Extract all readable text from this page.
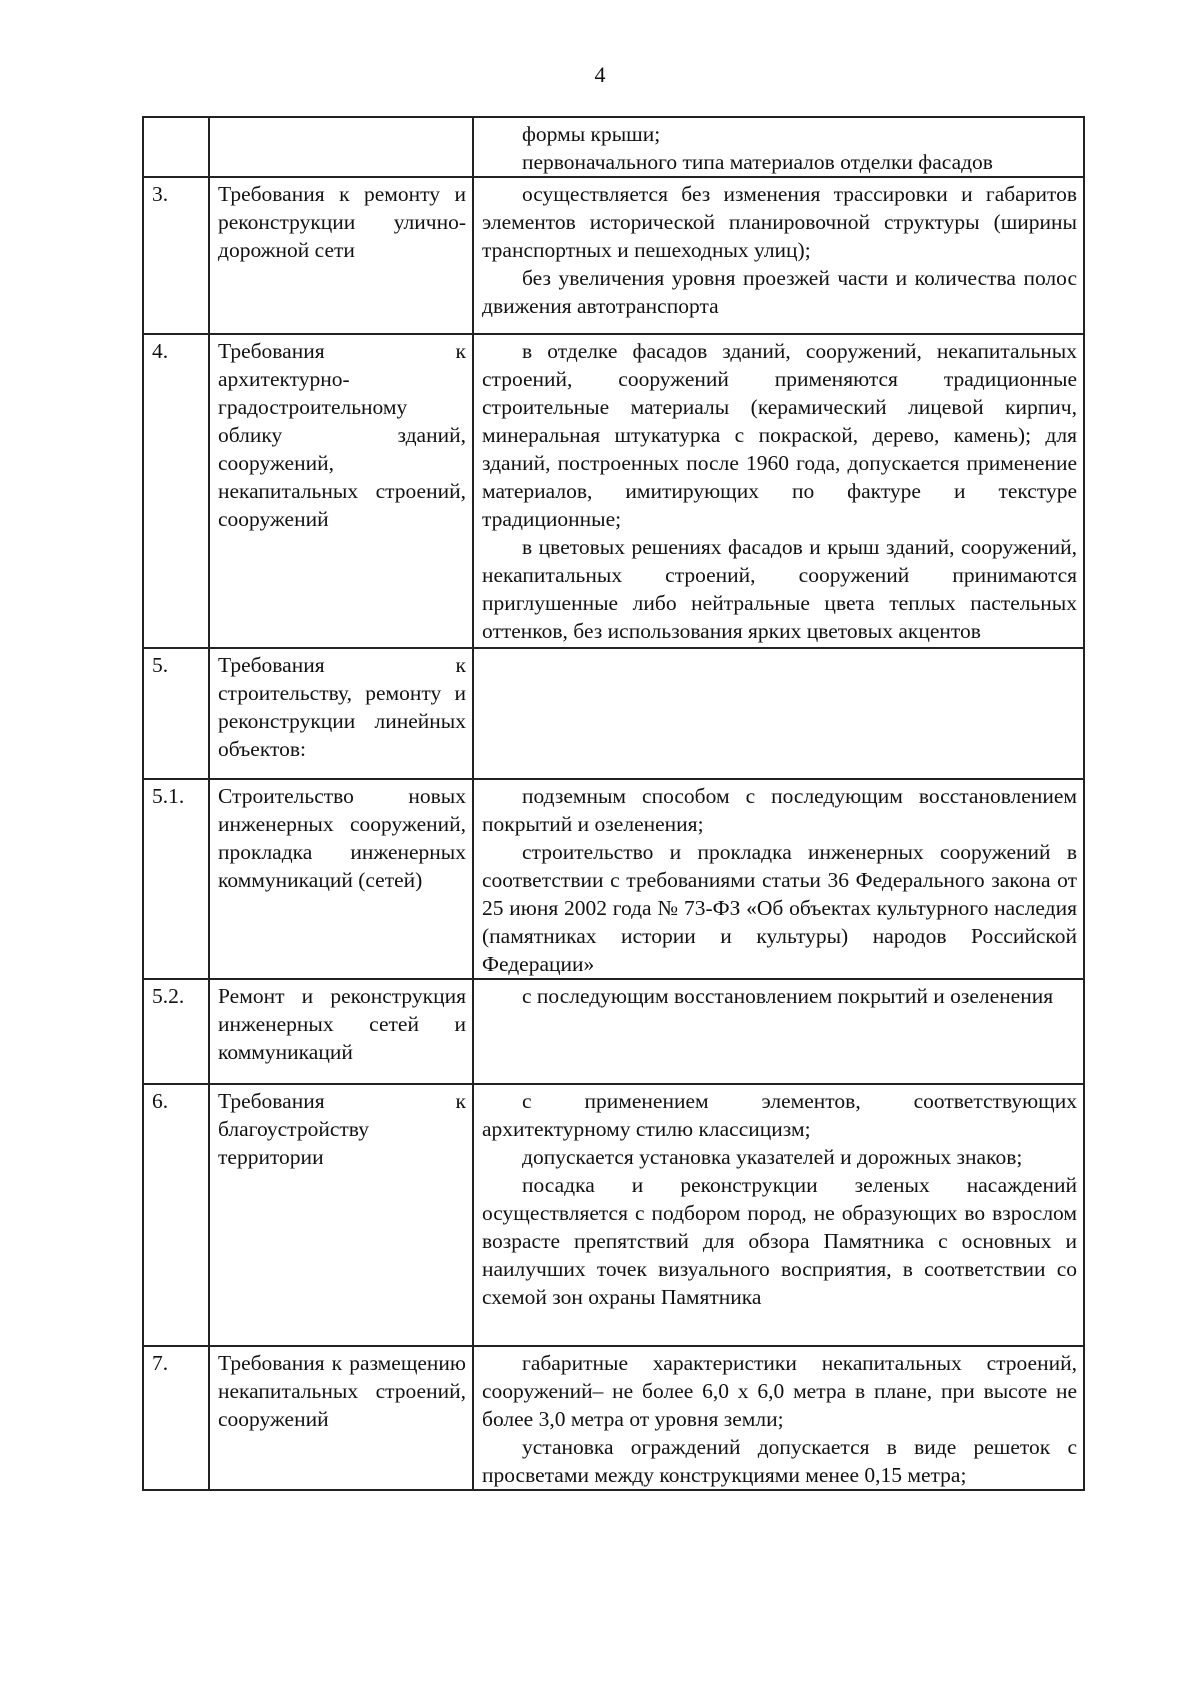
4

		формы крыши;

первоначального типа материалов отделки фасадов

3.	Требования к ремонту и реконструкции улично-дорожной сети	осуществляется без изменения трассировки и габаритов элементов исторической планировочной структуры (ширины транспортных и пешеходных улиц);

без увеличения уровня проезжей части и количества полос движения автотранспорта

4.	Требования к архитектурно-градостроительному облику зданий, сооружений, некапитальных строений, сооружений	в отделке фасадов зданий, сооружений, некапитальных строений, сооружений применяются традиционные строительные материалы (керамический лицевой кирпич, минеральная штукатурка с покраской, дерево, камень); для зданий, построенных после 1960 года, допускается применение материалов, имитирующих по фактуре и текстуре традиционные;

в цветовых решениях фасадов и крыш зданий, сооружений, некапитальных строений, сооружений принимаются приглушенные либо нейтральные цвета теплых пастельных оттенков, без использования ярких цветовых акцентов

5.	Требования к строительству, ремонту и реконструкции линейных объектов:	

5.1.	Строительство новых инженерных сооружений, прокладка инженерных коммуникаций (сетей)	подземным способом с последующим восстановлением покрытий и озеленения;

строительство и прокладка инженерных сооружений в соответствии с требованиями статьи 36 Федерального закона от 25 июня 2002 года № 73-ФЗ «Об объектах культурного наследия (памятниках истории и культуры) народов Российской Федерации»

5.2.	Ремонт и реконструкция инженерных сетей и коммуникаций	с последующим восстановлением покрытий и озеленения

6.	Требования к благоустройству территории	с применением элементов, соответствующих архитектурному стилю классицизм;

допускается установка указателей и дорожных знаков;

посадка и реконструкции зеленых насаждений осуществляется с подбором пород, не образующих во взрослом возрасте препятствий для обзора Памятника с основных и наилучших точек визуального восприятия, в соответствии со схемой зон охраны Памятника

7.	Требования к размещению некапитальных строений, сооружений	габаритные характеристики некапитальных строений, сооружений– не более 6,0 х 6,0 метра в плане, при высоте не более 3,0 метра от уровня земли;

установка ограждений допускается в виде решеток с просветами между конструкциями менее 0,15 метра;
